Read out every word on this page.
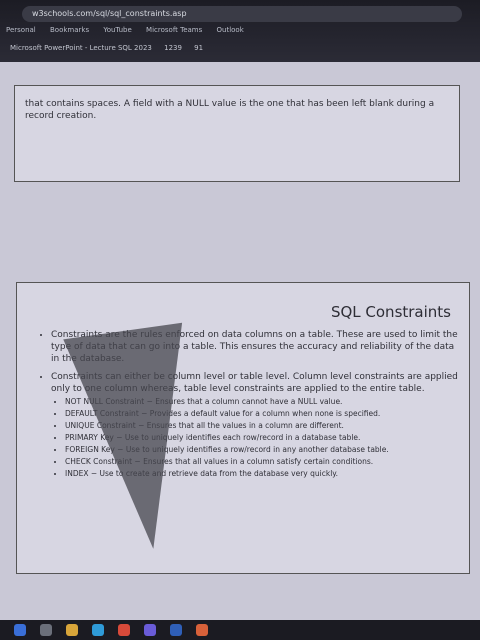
w3schools.com/sql/sql_constraints.asp
Personal Bookmarks YouTube Microsoft Teams Outlook
Microsoft PowerPoint - Lecture SQL 2023 1239 91
that contains spaces. A field with a NULL value is the one that has been left blank during a record creation.
SQL Constraints
• Constraints are the rules enforced on data columns on a table. These are used to limit the type of data that can go into a table. This ensures the accuracy and reliability of the data in the database.
• Constraints can either be column level or table level. Column level constraints are applied only to one column whereas, table level constraints are applied to the entire table.
• NOT NULL Constraint − Ensures that a column cannot have a NULL value.
• DEFAULT Constraint − Provides a default value for a column when none is specified.
• UNIQUE Constraint − Ensures that all the values in a column are different.
• PRIMARY Key − Use to uniquely identifies each row/record in a database table.
• FOREIGN Key − Use to uniquely identifies a row/record in any another database table.
• CHECK Constraint − Ensures that all values in a column satisfy certain conditions.
• INDEX − Use to create and retrieve data from the database very quickly.
